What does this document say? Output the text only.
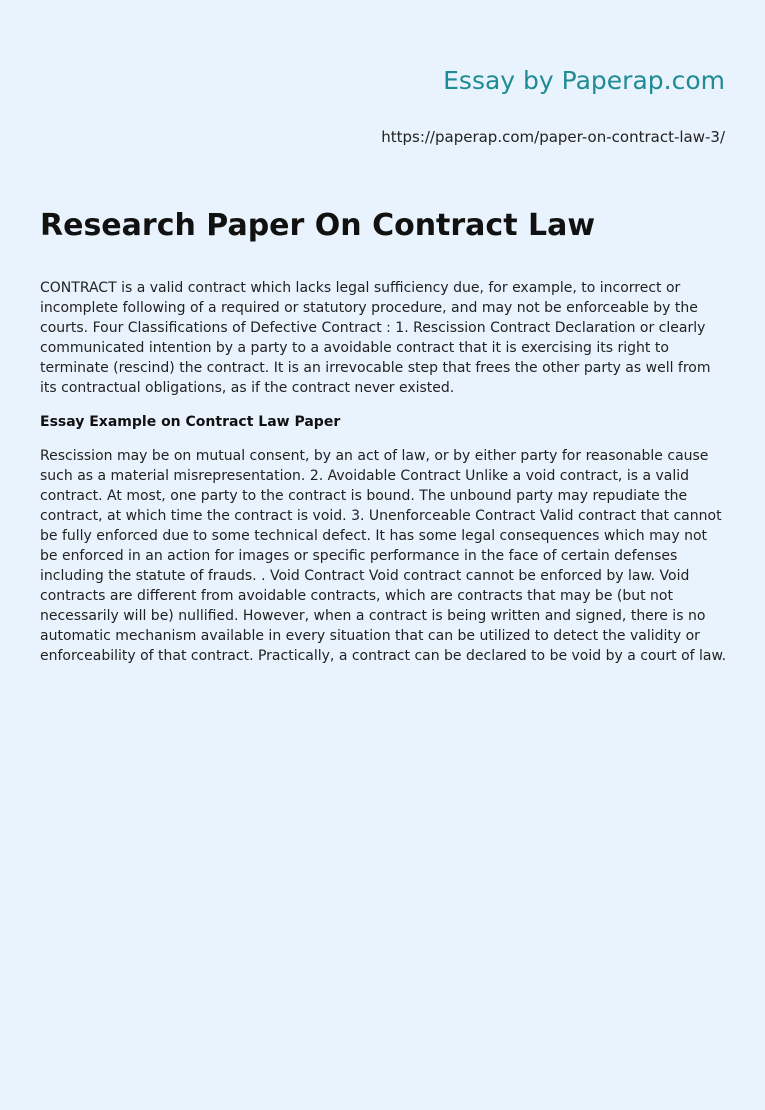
Essay by Paperap.com
https://paperap.com/paper-on-contract-law-3/
Research Paper On Contract Law

CONTRACT is a valid contract which lacks legal sufficiency due, for example, to incorrect or incomplete following of a required or statutory procedure, and may not be enforceable by the courts. Four Classifications of Defective Contract : 1. Rescission Contract Declaration or clearly communicated intention by a party to a avoidable contract that it is exercising its right to terminate (rescind) the contract. It is an irrevocable step that frees the other party as well from its contractual obligations, as if the contract never existed.

Essay Example on Contract Law Paper

Rescission may be on mutual consent, by an act of law, or by either party for reasonable cause such as a material misrepresentation. 2. Avoidable Contract Unlike a void contract, is a valid contract. At most, one party to the contract is bound. The unbound party may repudiate the contract, at which time the contract is void. 3. Unenforceable Contract Valid contract that cannot be fully enforced due to some technical defect. It has some legal consequences which may not be enforced in an action for images or specific performance in the face of certain defenses including the statute of frauds. . Void Contract Void contract cannot be enforced by law. Void contracts are different from avoidable contracts, which are contracts that may be (but not necessarily will be) nullified. However, when a contract is being written and signed, there is no automatic mechanism available in every situation that can be utilized to detect the validity or enforceability of that contract. Practically, a contract can be declared to be void by a court of law.
